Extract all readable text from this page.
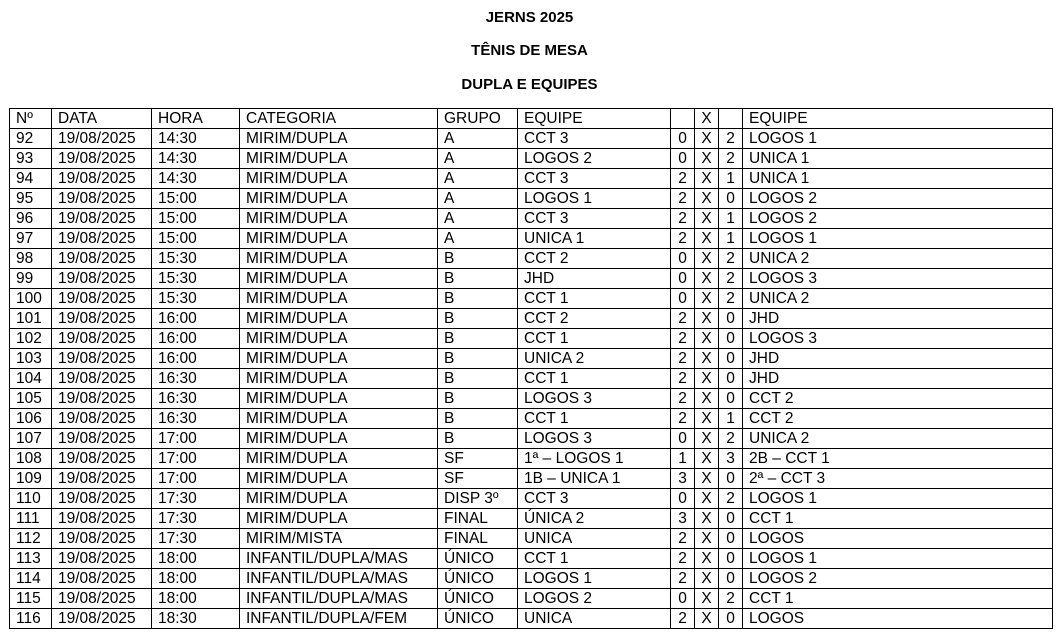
JERNS 2025
TÊNIS DE MESA
DUPLA E EQUIPES
Nº	DATA	HORA	CATEGORIA	GRUPO	EQUIPE		X		EQUIPE
92	19/08/2025	14:30	MIRIM/DUPLA	A	CCT 3	0	X	2	LOGOS 1
93	19/08/2025	14:30	MIRIM/DUPLA	A	LOGOS 2	0	X	2	UNICA 1
94	19/08/2025	14:30	MIRIM/DUPLA	A	CCT 3	2	X	1	UNICA 1
95	19/08/2025	15:00	MIRIM/DUPLA	A	LOGOS 1	2	X	0	LOGOS 2
96	19/08/2025	15:00	MIRIM/DUPLA	A	CCT 3	2	X	1	LOGOS 2
97	19/08/2025	15:00	MIRIM/DUPLA	A	UNICA 1	2	X	1	LOGOS 1
98	19/08/2025	15:30	MIRIM/DUPLA	B	CCT 2	0	X	2	UNICA 2
99	19/08/2025	15:30	MIRIM/DUPLA	B	JHD	0	X	2	LOGOS 3
100	19/08/2025	15:30	MIRIM/DUPLA	B	CCT 1	0	X	2	UNICA 2
101	19/08/2025	16:00	MIRIM/DUPLA	B	CCT 2	2	X	0	JHD
102	19/08/2025	16:00	MIRIM/DUPLA	B	CCT 1	2	X	0	LOGOS 3
103	19/08/2025	16:00	MIRIM/DUPLA	B	UNICA 2	2	X	0	JHD
104	19/08/2025	16:30	MIRIM/DUPLA	B	CCT 1	2	X	0	JHD
105	19/08/2025	16:30	MIRIM/DUPLA	B	LOGOS 3	2	X	0	CCT 2
106	19/08/2025	16:30	MIRIM/DUPLA	B	CCT 1	2	X	1	CCT 2
107	19/08/2025	17:00	MIRIM/DUPLA	B	LOGOS 3	0	X	2	UNICA 2
108	19/08/2025	17:00	MIRIM/DUPLA	SF	1ª – LOGOS 1	1	X	3	2B – CCT 1
109	19/08/2025	17:00	MIRIM/DUPLA	SF	1B – UNICA 1	3	X	0	2ª – CCT 3
110	19/08/2025	17:30	MIRIM/DUPLA	DISP 3º	CCT 3	0	X	2	LOGOS 1
111	19/08/2025	17:30	MIRIM/DUPLA	FINAL	ÚNICA 2	3	X	0	CCT 1
112	19/08/2025	17:30	MIRIM/MISTA	FINAL	UNICA	2	X	0	LOGOS
113	19/08/2025	18:00	INFANTIL/DUPLA/MAS	ÚNICO	CCT 1	2	X	0	LOGOS 1
114	19/08/2025	18:00	INFANTIL/DUPLA/MAS	ÚNICO	LOGOS 1	2	X	0	LOGOS 2
115	19/08/2025	18:00	INFANTIL/DUPLA/MAS	ÚNICO	LOGOS 2	0	X	2	CCT 1
116	19/08/2025	18:30	INFANTIL/DUPLA/FEM	ÚNICO	UNICA	2	X	0	LOGOS
